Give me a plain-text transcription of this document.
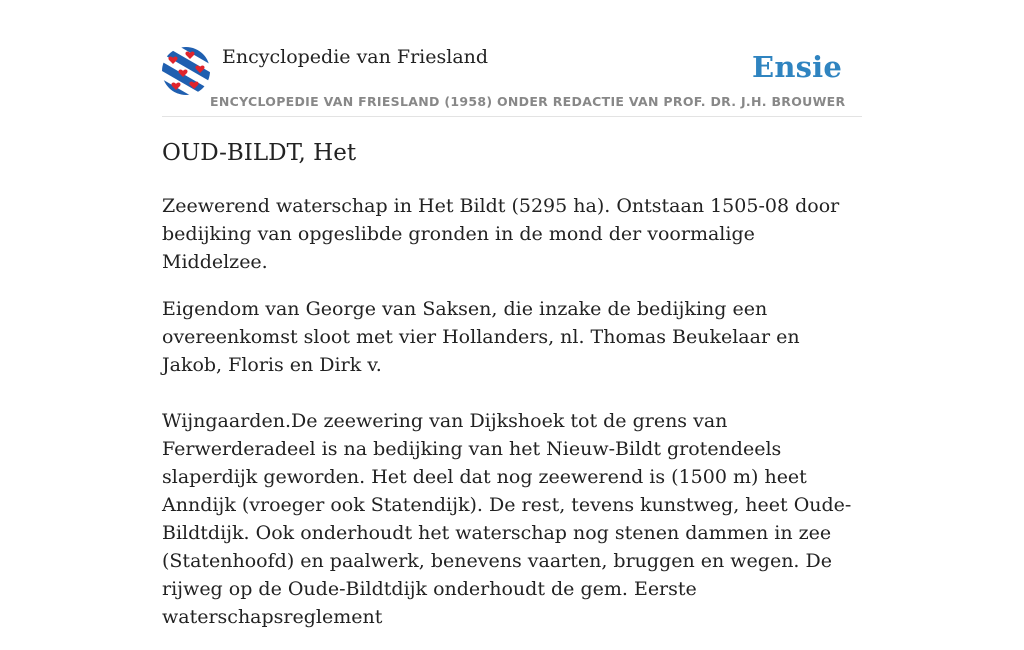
Encyclopedie van Friesland	Ensie
ENCYCLOPEDIE VAN FRIESLAND (1958) ONDER REDACTIE VAN PROF. DR. J.H. BROUWER
OUD-BILDT, Het

Zeewerend waterschap in Het Bildt (5295 ha). Ontstaan 1505-08 door bedijking van opgeslibde gronden in de mond der voormalige Middelzee.

Eigendom van George van Saksen, die inzake de bedijking een overeenkomst sloot met vier Hollanders, nl. Thomas Beukelaar en Jakob, Floris en Dirk v.

Wijngaarden.De zeewering van Dijkshoek tot de grens van Ferwerderadeel is na bedijking van het Nieuw-Bildt grotendeels slaperdijk geworden. Het deel dat nog zeewerend is (1500 m) heet Anndijk (vroeger ook Statendijk). De rest, tevens kunstweg, heet Oude-Bildtdijk. Ook onderhoudt het waterschap nog stenen dammen in zee (Statenhoofd) en paalwerk, benevens vaarten, bruggen en wegen. De rijweg op de Oude-Bildtdijk onderhoudt de gem. Eerste waterschapsreglement
